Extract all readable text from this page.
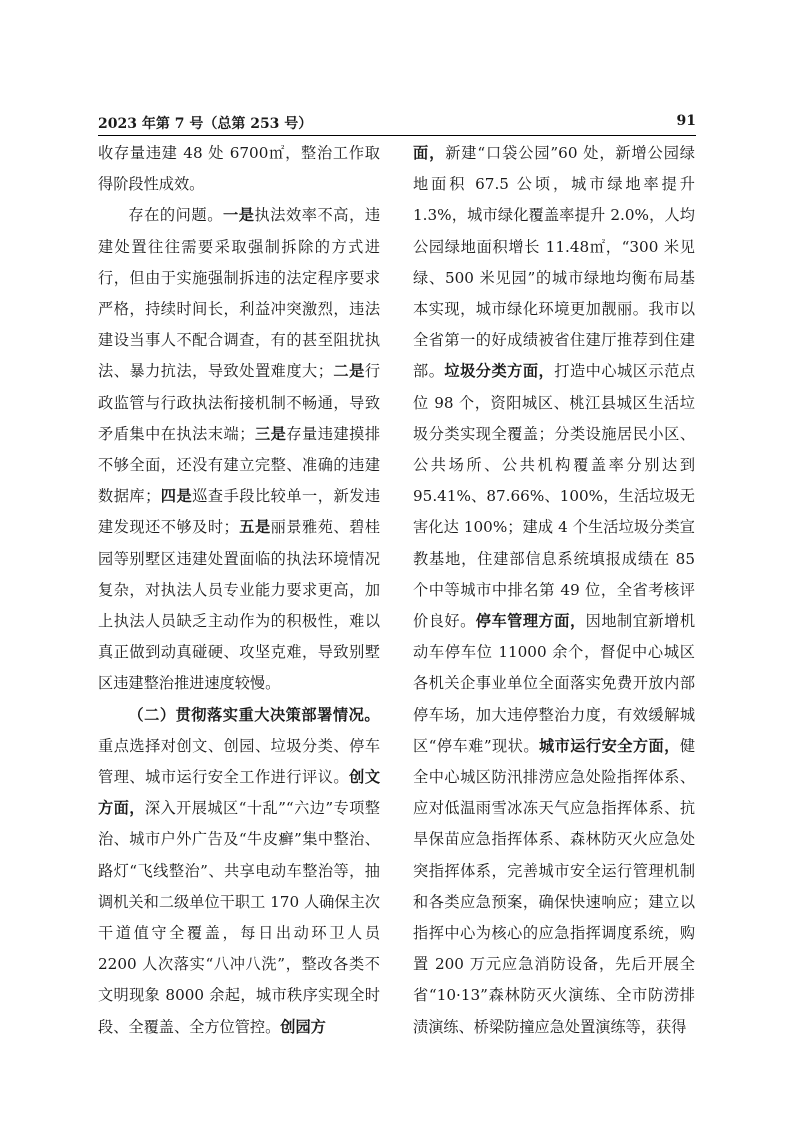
2023 年第 7 号（总第 253 号）	91

收存量违建 48 处 6700㎡，整治工作取得阶段性成效。

存在的问题。一是执法效率不高，违建处置往往需要采取强制拆除的方式进行，但由于实施强制拆违的法定程序要求严格，持续时间长，利益冲突激烈，违法建设当事人不配合调查，有的甚至阻扰执法、暴力抗法，导致处置难度大；二是行政监管与行政执法衔接机制不畅通，导致矛盾集中在执法末端；三是存量违建摸排不够全面，还没有建立完整、准确的违建数据库；四是巡查手段比较单一，新发违建发现还不够及时；五是丽景雅苑、碧桂园等别墅区违建处置面临的执法环境情况复杂，对执法人员专业能力要求更高，加上执法人员缺乏主动作为的积极性，难以真正做到动真碰硬、攻坚克难，导致别墅区违建整治推进速度较慢。

（二）贯彻落实重大决策部署情况。重点选择对创文、创园、垃圾分类、停车管理、城市运行安全工作进行评议。创文方面，深入开展城区“十乱”“六边”专项整治、城市户外广告及“牛皮癣”集中整治、路灯“飞线整治”、共享电动车整治等，抽调机关和二级单位干职工 170 人确保主次干道值守全覆盖，每日出动环卫人员 2200 人次落实“八冲八洗”，整改各类不文明现象 8000 余起，城市秩序实现全时段、全覆盖、全方位管控。创园方

面，新建“口袋公园”60 处，新增公园绿地面积 67.5 公顷，城市绿地率提升 1.3%，城市绿化覆盖率提升 2.0%，人均公园绿地面积增长 11.48㎡，“300 米见绿、500 米见园”的城市绿地均衡布局基本实现，城市绿化环境更加靓丽。我市以全省第一的好成绩被省住建厅推荐到住建部。垃圾分类方面，打造中心城区示范点位 98 个，资阳城区、桃江县城区生活垃圾分类实现全覆盖；分类设施居民小区、公共场所、公共机构覆盖率分别达到 95.41%、87.66%、100%，生活垃圾无害化达 100%；建成 4 个生活垃圾分类宣教基地，住建部信息系统填报成绩在 85 个中等城市中排名第 49 位，全省考核评价良好。停车管理方面，因地制宜新增机动车停车位 11000 余个，督促中心城区各机关企事业单位全面落实免费开放内部停车场，加大违停整治力度，有效缓解城区“停车难”现状。城市运行安全方面，健全中心城区防汛排涝应急处险指挥体系、应对低温雨雪冰冻天气应急指挥体系、抗旱保苗应急指挥体系、森林防灭火应急处突指挥体系，完善城市安全运行管理机制和各类应急预案，确保快速响应；建立以指挥中心为核心的应急指挥调度系统，购置 200 万元应急消防设备，先后开展全省“10·13”森林防灭火演练、全市防涝排渍演练、桥梁防撞应急处置演练等，获得
